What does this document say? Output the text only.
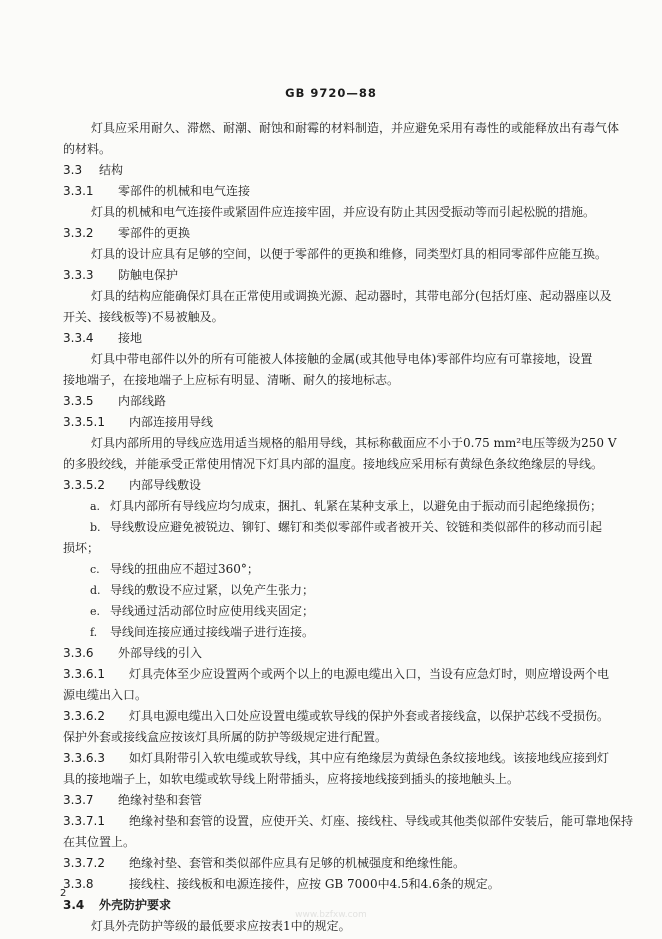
GB 9720—88
灯具应采用耐久、滞燃、耐潮、耐蚀和耐霉的材料制造，并应避免采用有毒性的或能释放出有毒气体
的材料。
3.3 结构
3.3.1 零部件的机械和电气连接
灯具的机械和电气连接件或紧固件应连接牢固，并应设有防止其因受振动等而引起松脱的措施。
3.3.2 零部件的更换
灯具的设计应具有足够的空间，以便于零部件的更换和维修，同类型灯具的相同零部件应能互换。
3.3.3 防触电保护
灯具的结构应能确保灯具在正常使用或调换光源、起动器时，其带电部分(包括灯座、起动器座以及
开关、接线板等)不易被触及。
3.3.4 接地
灯具中带电部件以外的所有可能被人体接触的金属(或其他导电体)零部件均应有可靠接地，设置
接地端子，在接地端子上应标有明显、清晰、耐久的接地标志。
3.3.5 内部线路
3.3.5.1 内部连接用导线
灯具内部所用的导线应选用适当规格的船用导线，其标称截面应不小于0.75 mm²电压等级为250 V
的多股绞线，并能承受正常使用情况下灯具内部的温度。接地线应采用标有黄绿色条纹绝缘层的导线。
3.3.5.2 内部导线敷设
a. 灯具内部所有导线应均匀成束，捆扎、轧紧在某种支承上，以避免由于振动而引起绝缘损伤；
b. 导线敷设应避免被锐边、铆钉、螺钉和类似零部件或者被开关、铰链和类似部件的移动而引起
损坏；
c. 导线的扭曲应不超过360°；
d. 导线的敷设不应过紧，以免产生张力；
e. 导线通过活动部位时应使用线夹固定；
f. 导线间连接应通过接线端子进行连接。
3.3.6 外部导线的引入
3.3.6.1 灯具壳体至少应设置两个或两个以上的电源电缆出入口，当设有应急灯时，则应增设两个电
源电缆出入口。
3.3.6.2 灯具电源电缆出入口处应设置电缆或软导线的保护外套或者接线盒，以保护芯线不受损伤。
保护外套或接线盒应按该灯具所属的防护等级规定进行配置。
3.3.6.3 如灯具附带引入软电缆或软导线，其中应有绝缘层为黄绿色条纹接地线。该接地线应接到灯
具的接地端子上，如软电缆或软导线上附带插头，应将接地线接到插头的接地触头上。
3.3.7 绝缘衬垫和套管
3.3.7.1 绝缘衬垫和套管的设置，应使开关、灯座、接线柱、导线或其他类似部件安装后，能可靠地保持
在其位置上。
3.3.7.2 绝缘衬垫、套管和类似部件应具有足够的机械强度和绝缘性能。
3.3.8	接线柱、接线板和电源连接件，应按 GB 7000中4.5和4.6条的规定。
3.4 外壳防护要求
灯具外壳防护等级的最低要求应按表1中的规定。
2
www.bzfxw.com
